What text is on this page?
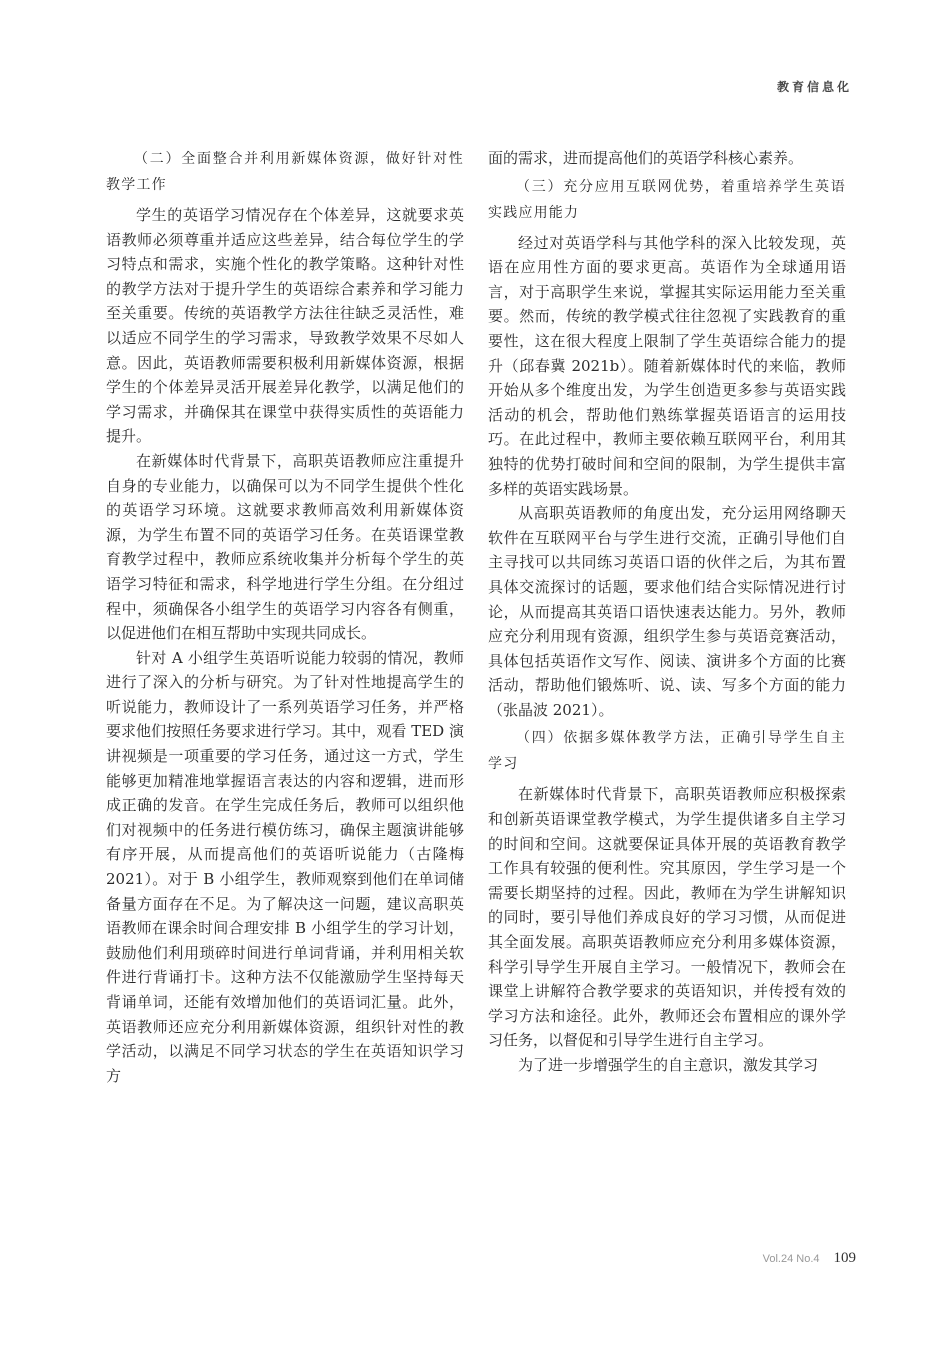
教育信息化
（二）全面整合并利用新媒体资源，做好针对性教学工作

学生的英语学习情况存在个体差异，这就要求英语教师必须尊重并适应这些差异，结合每位学生的学习特点和需求，实施个性化的教学策略。这种针对性的教学方法对于提升学生的英语综合素养和学习能力至关重要。传统的英语教学方法往往缺乏灵活性，难以适应不同学生的学习需求，导致教学效果不尽如人意。因此，英语教师需要积极利用新媒体资源，根据学生的个体差异灵活开展差异化教学，以满足他们的学习需求，并确保其在课堂中获得实质性的英语能力提升。

在新媒体时代背景下，高职英语教师应注重提升自身的专业能力，以确保可以为不同学生提供个性化的英语学习环境。这就要求教师高效利用新媒体资源，为学生布置不同的英语学习任务。在英语课堂教育教学过程中，教师应系统收集并分析每个学生的英语学习特征和需求，科学地进行学生分组。在分组过程中，须确保各小组学生的英语学习内容各有侧重，以促进他们在相互帮助中实现共同成长。

针对 A 小组学生英语听说能力较弱的情况，教师进行了深入的分析与研究。为了针对性地提高学生的听说能力，教师设计了一系列英语学习任务，并严格要求他们按照任务要求进行学习。其中，观看 TED 演讲视频是一项重要的学习任务，通过这一方式，学生能够更加精准地掌握语言表达的内容和逻辑，进而形成正确的发音。在学生完成任务后，教师可以组织他们对视频中的任务进行模仿练习，确保主题演讲能够有序开展，从而提高他们的英语听说能力（古隆梅 2021）。对于 B 小组学生，教师观察到他们在单词储备量方面存在不足。为了解决这一问题，建议高职英语教师在课余时间合理安排 B 小组学生的学习计划，鼓励他们利用琐碎时间进行单词背诵，并利用相关软件进行背诵打卡。这种方法不仅能激励学生坚持每天背诵单词，还能有效增加他们的英语词汇量。此外，英语教师还应充分利用新媒体资源，组织针对性的教学活动，以满足不同学习状态的学生在英语知识学习方

面的需求，进而提高他们的英语学科核心素养。

（三）充分应用互联网优势，着重培养学生英语实践应用能力

经过对英语学科与其他学科的深入比较发现，英语在应用性方面的要求更高。英语作为全球通用语言，对于高职学生来说，掌握其实际运用能力至关重要。然而，传统的教学模式往往忽视了实践教育的重要性，这在很大程度上限制了学生英语综合能力的提升（邱春冀 2021b）。随着新媒体时代的来临，教师开始从多个维度出发，为学生创造更多参与英语实践活动的机会，帮助他们熟练掌握英语语言的运用技巧。在此过程中，教师主要依赖互联网平台，利用其独特的优势打破时间和空间的限制，为学生提供丰富多样的英语实践场景。

从高职英语教师的角度出发，充分运用网络聊天软件在互联网平台与学生进行交流，正确引导他们自主寻找可以共同练习英语口语的伙伴之后，为其布置具体交流探讨的话题，要求他们结合实际情况进行讨论，从而提高其英语口语快速表达能力。另外，教师应充分利用现有资源，组织学生参与英语竞赛活动，具体包括英语作文写作、阅读、演讲多个方面的比赛活动，帮助他们锻炼听、说、读、写多个方面的能力（张晶波 2021）。

（四）依据多媒体教学方法，正确引导学生自主学习

在新媒体时代背景下，高职英语教师应积极探索和创新英语课堂教学模式，为学生提供诸多自主学习的时间和空间。这就要保证具体开展的英语教育教学工作具有较强的便利性。究其原因，学生学习是一个需要长期坚持的过程。因此，教师在为学生讲解知识的同时，要引导他们养成良好的学习习惯，从而促进其全面发展。高职英语教师应充分利用多媒体资源，科学引导学生开展自主学习。一般情况下，教师会在课堂上讲解符合教学要求的英语知识，并传授有效的学习方法和途径。此外，教师还会布置相应的课外学习任务，以督促和引导学生进行自主学习。

为了进一步增强学生的自主意识，激发其学习

Vol.24 No.4 109
